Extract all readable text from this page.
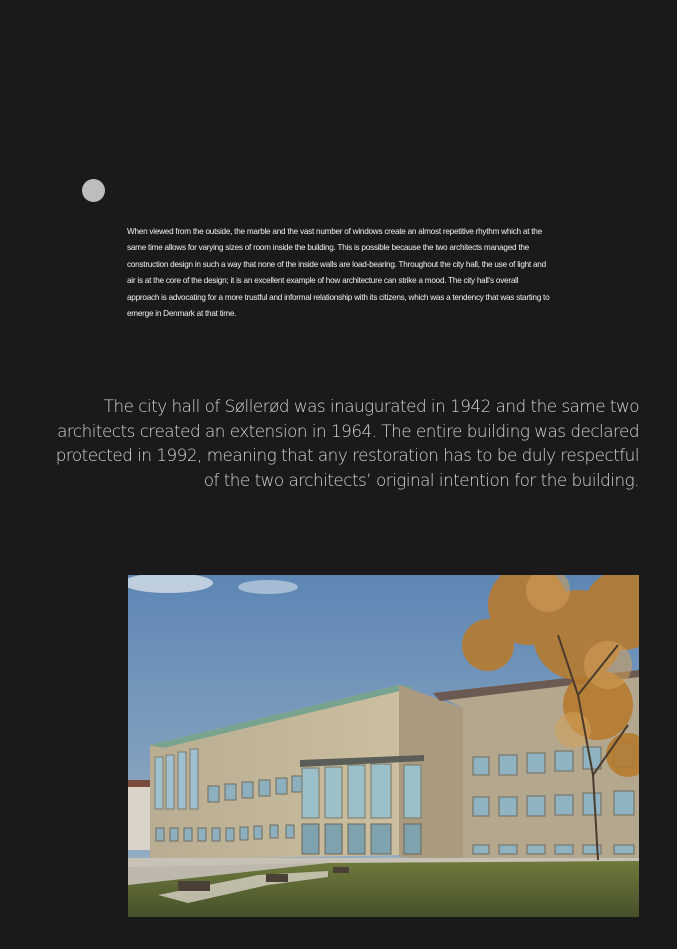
When viewed from the outside, the marble and the vast number of windows create an almost repetitive rhythm which at the same time allows for varying sizes of room inside the building. This is possible because the two architects managed the construction design in such a way that none of the inside walls are load-bearing. Throughout the city hall, the use of light and air is at the core of the design; it is an excellent example of how architecture can strike a mood. The city hall’s overall approach is advocating for a more trustful and informal relationship with its citizens, which was a tendency that was starting to emerge in Denmark at that time.

The city hall of Søllerød was inaugurated in 1942 and the same two architects created an extension in 1964. The entire building was declared protected in 1992, meaning that any restoration has to be duly respectful of the two architects’ original intention for the building.
